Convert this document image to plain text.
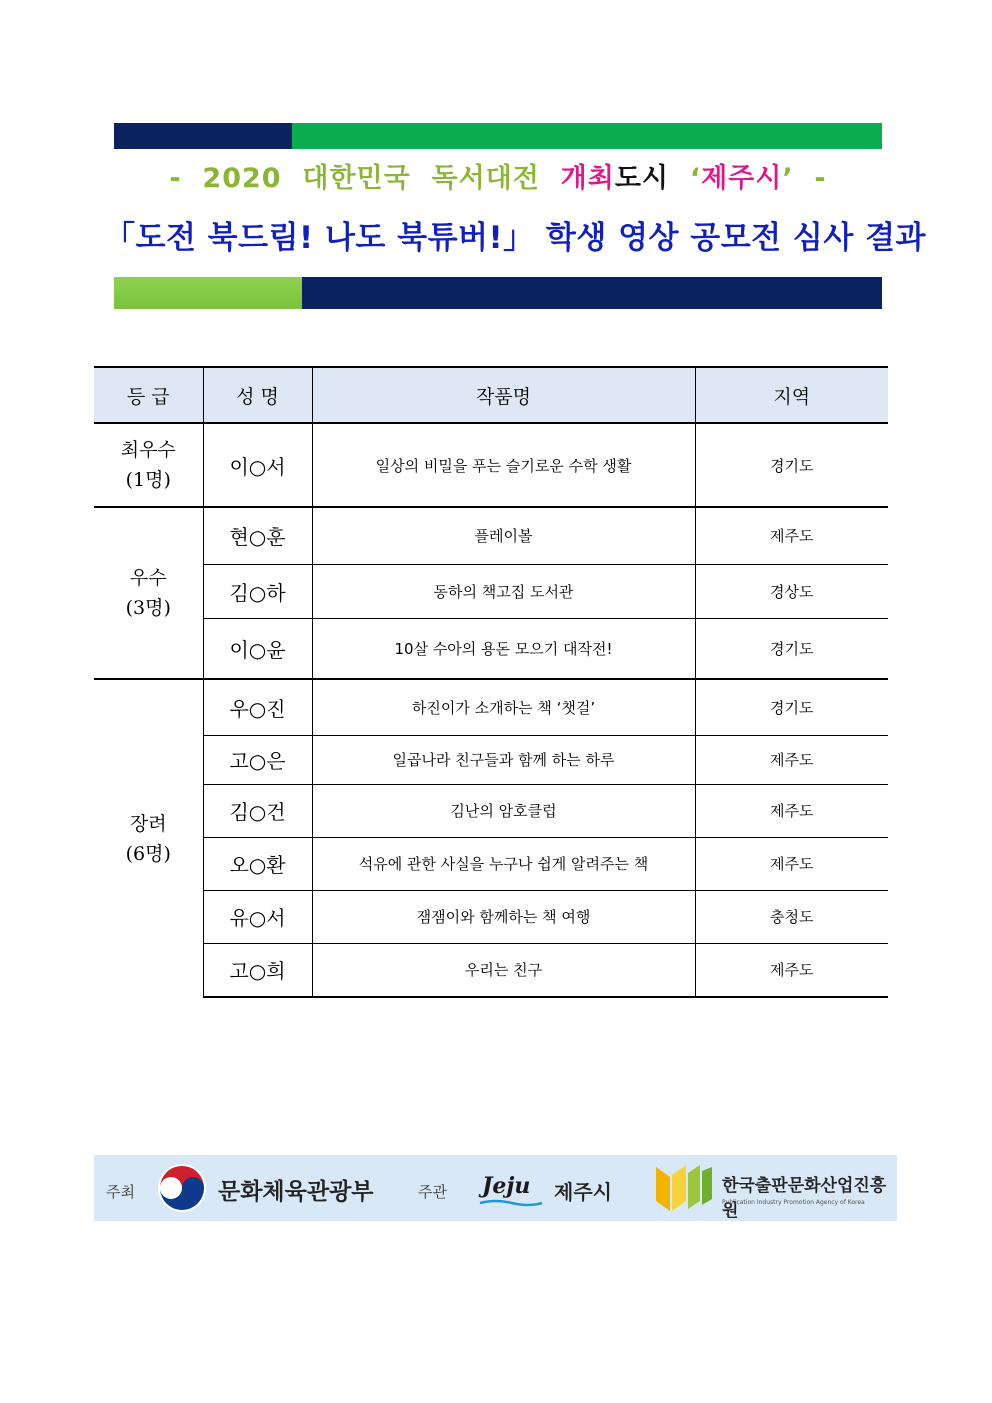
- 2020 대한민국 독서대전 개최도시 ‘제주시’ -
「도전 북드림! 나도 북튜버!」 학생 영상 공모전 심사 결과
등 급	성 명	작품명	지역

최우수
(1명)	이○서	일상의 비밀을 푸는 슬기로운 수학 생활	경기도

우수
(3명)	현○훈	플레이볼	제주도
	김○하	동하의 책고집 도서관	경상도
	이○윤	10살 수아의 용돈 모으기 대작전!	경기도

장려
(6명)	우○진	하진이가 소개하는 책 ‘챗걸’	경기도
	고○은	일곱나라 친구들과 함께 하는 하루	제주도
	김○건	김난의 암호클럽	제주도
	오○환	석유에 관한 사실을 누구나 쉽게 알려주는 책	제주도
	유○서	잼잼이와 함께하는 책 여행	충청도
	고○희	우리는 친구	제주도
주최	문화체육관광부	주관 Jeju 제주시	한국출판문화산업진흥원
Publication Industry Promotion Agency of Korea
